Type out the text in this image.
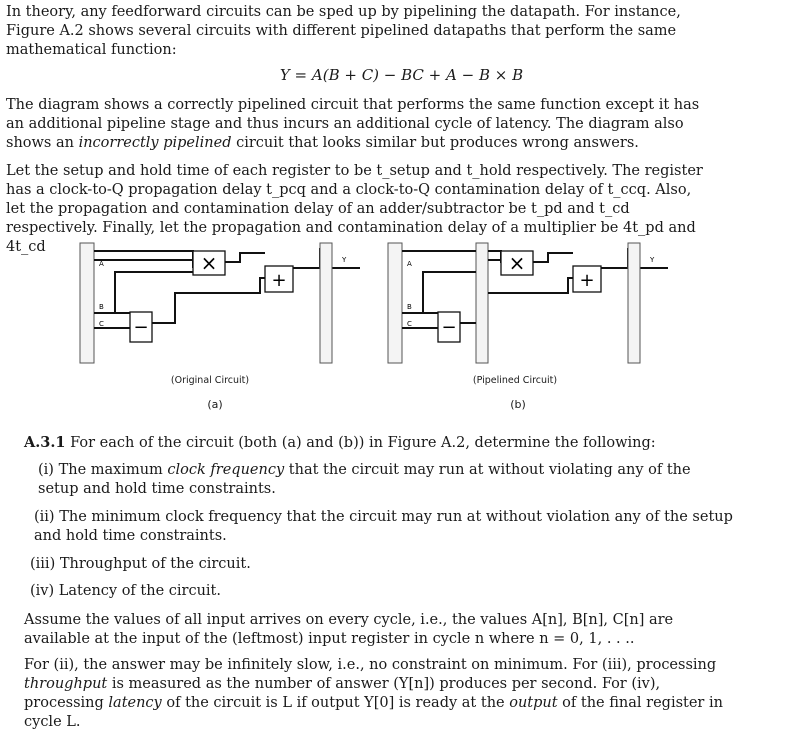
In theory, any feedforward circuits can be sped up by pipelining the datapath. For instance, Figure A.2 shows several circuits with different pipelined datapaths that perform the same mathematical function:

Y = A(B + C) − BC + A − B × B

The diagram shows a correctly pipelined circuit that performs the same function except it has an additional pipeline stage and thus incurs an additional cycle of latency. The diagram also shows an incorrectly pipelined circuit that looks similar but produces wrong answers.

Let the setup and hold time of each register to be t_setup and t_hold respectively. The register has a clock-to-Q propagation delay t_pcq and a clock-to-Q contamination delay of t_ccq. Also, let the propagation and contamination delay of an adder/subtractor be t_pd and t_cd respectively. Finally, let the propagation and contamination delay of a multiplier be 4t_pd and 4t_cd

×
−
+
A
B
C
Y	×
−
+
A
B
C
Y
(Original Circuit)
(a)
(Pipelined Circuit)
(b)

A.3.1 For each of the circuit (both (a) and (b)) in Figure A.2, determine the following:

(i) The maximum clock frequency that the circuit may run at without violating any of the setup and hold time constraints.

(ii) The minimum clock frequency that the circuit may run at without violation any of the setup and hold time constraints.

(iii) Throughput of the circuit.

(iv) Latency of the circuit.

Assume the values of all input arrives on every cycle, i.e., the values A[n], B[n], C[n] are available at the input of the (leftmost) input register in cycle n where n = 0, 1, . . ..

For (ii), the answer may be infinitely slow, i.e., no constraint on minimum. For (iii), processing throughput is measured as the number of answer (Y[n]) produces per second. For (iv), processing latency of the circuit is L if output Y[0] is ready at the output of the final register in cycle L.
